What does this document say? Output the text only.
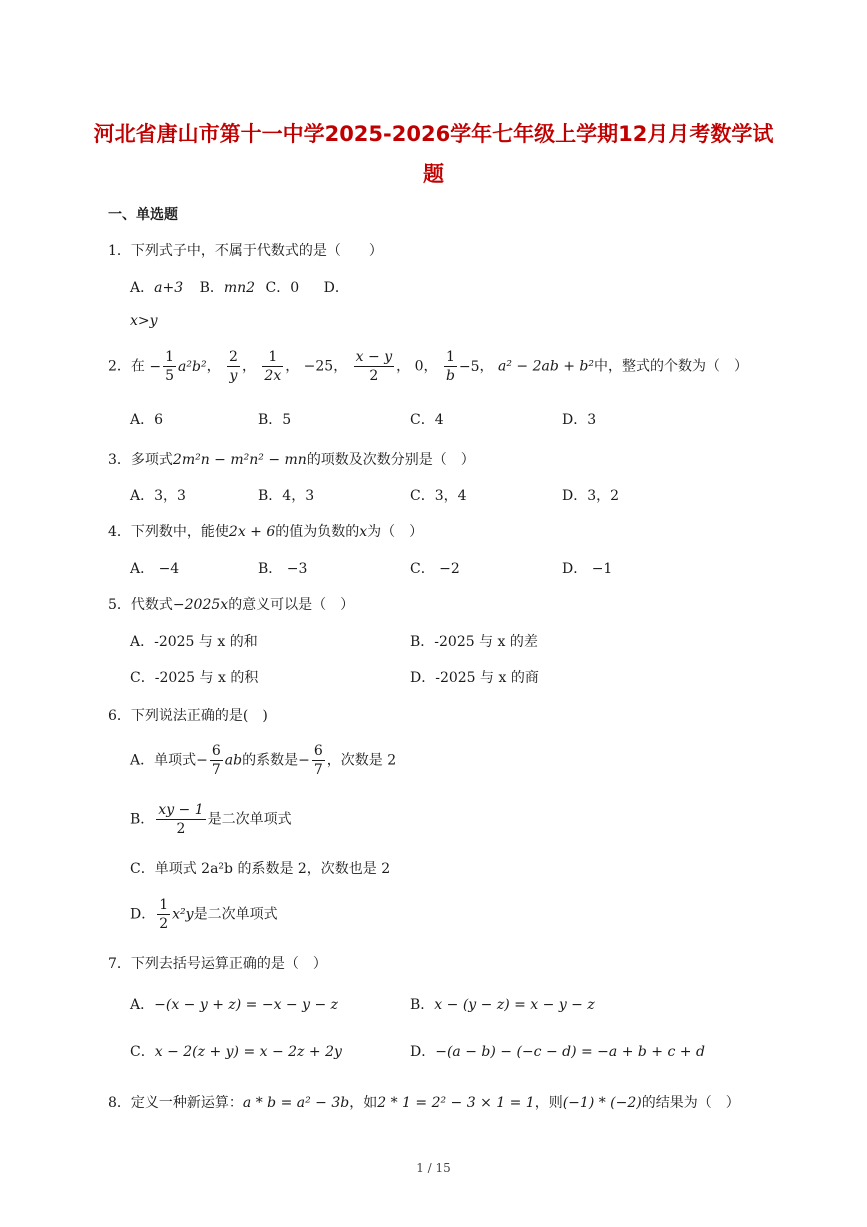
河北省唐山市第十一中学2025-2026学年七年级上学期12月月考数学试
题
一、单选题
1．下列式子中，不属于代数式的是（　　）
A．a+3 B．mn2 C．0 D．
x>y
2．在 − $\frac{1}{5} a^2b^2$， $\frac{2}{y}$ ， $\frac{1}{2x}$ ， −25， $\frac{x - y}{2}$ ， 0， $\frac{1}{b} -5$， a² − 2ab + b²中，整式的个数为（　）
A．6	B．5	C．4	D．3
3．多项式2m²n − m²n² − mn的项数及次数分别是（　）
A．3，3	B．4，3	C．3，4	D．3，2
4．下列数中，能使2x + 6的值为负数的x为（　）
A． −4	B． −3	C． −2	D． −1
5．代数式−2025x的意义可以是（　）
A．-2025 与 x 的和	B．-2025 与 x 的差
C．-2025 与 x 的积	D．-2025 与 x 的商
6．下列说法正确的是(　)
A．单项式− $\frac{6}{7}$ ab的系数是− $\frac{6}{7}$ ，次数是 2
B． $\frac{xy - 1}{2}$ 是二次单项式
C．单项式 2a²b 的系数是 2，次数也是 2
D． $\frac{1}{2} x^2y$是二次单项式
7．下列去括号运算正确的是（　）
A．−(x − y + z) = −x − y − z	B．x − (y − z) = x − y − z
C．x − 2(z + y) = x − 2z + 2y	D．−(a − b) − (−c − d) = −a + b + c + d
8．定义一种新运算：a * b = a² − 3b，如2 * 1 = 2² − 3 × 1 = 1，则(−1) * (−2)的结果为（　）
1 / 15
